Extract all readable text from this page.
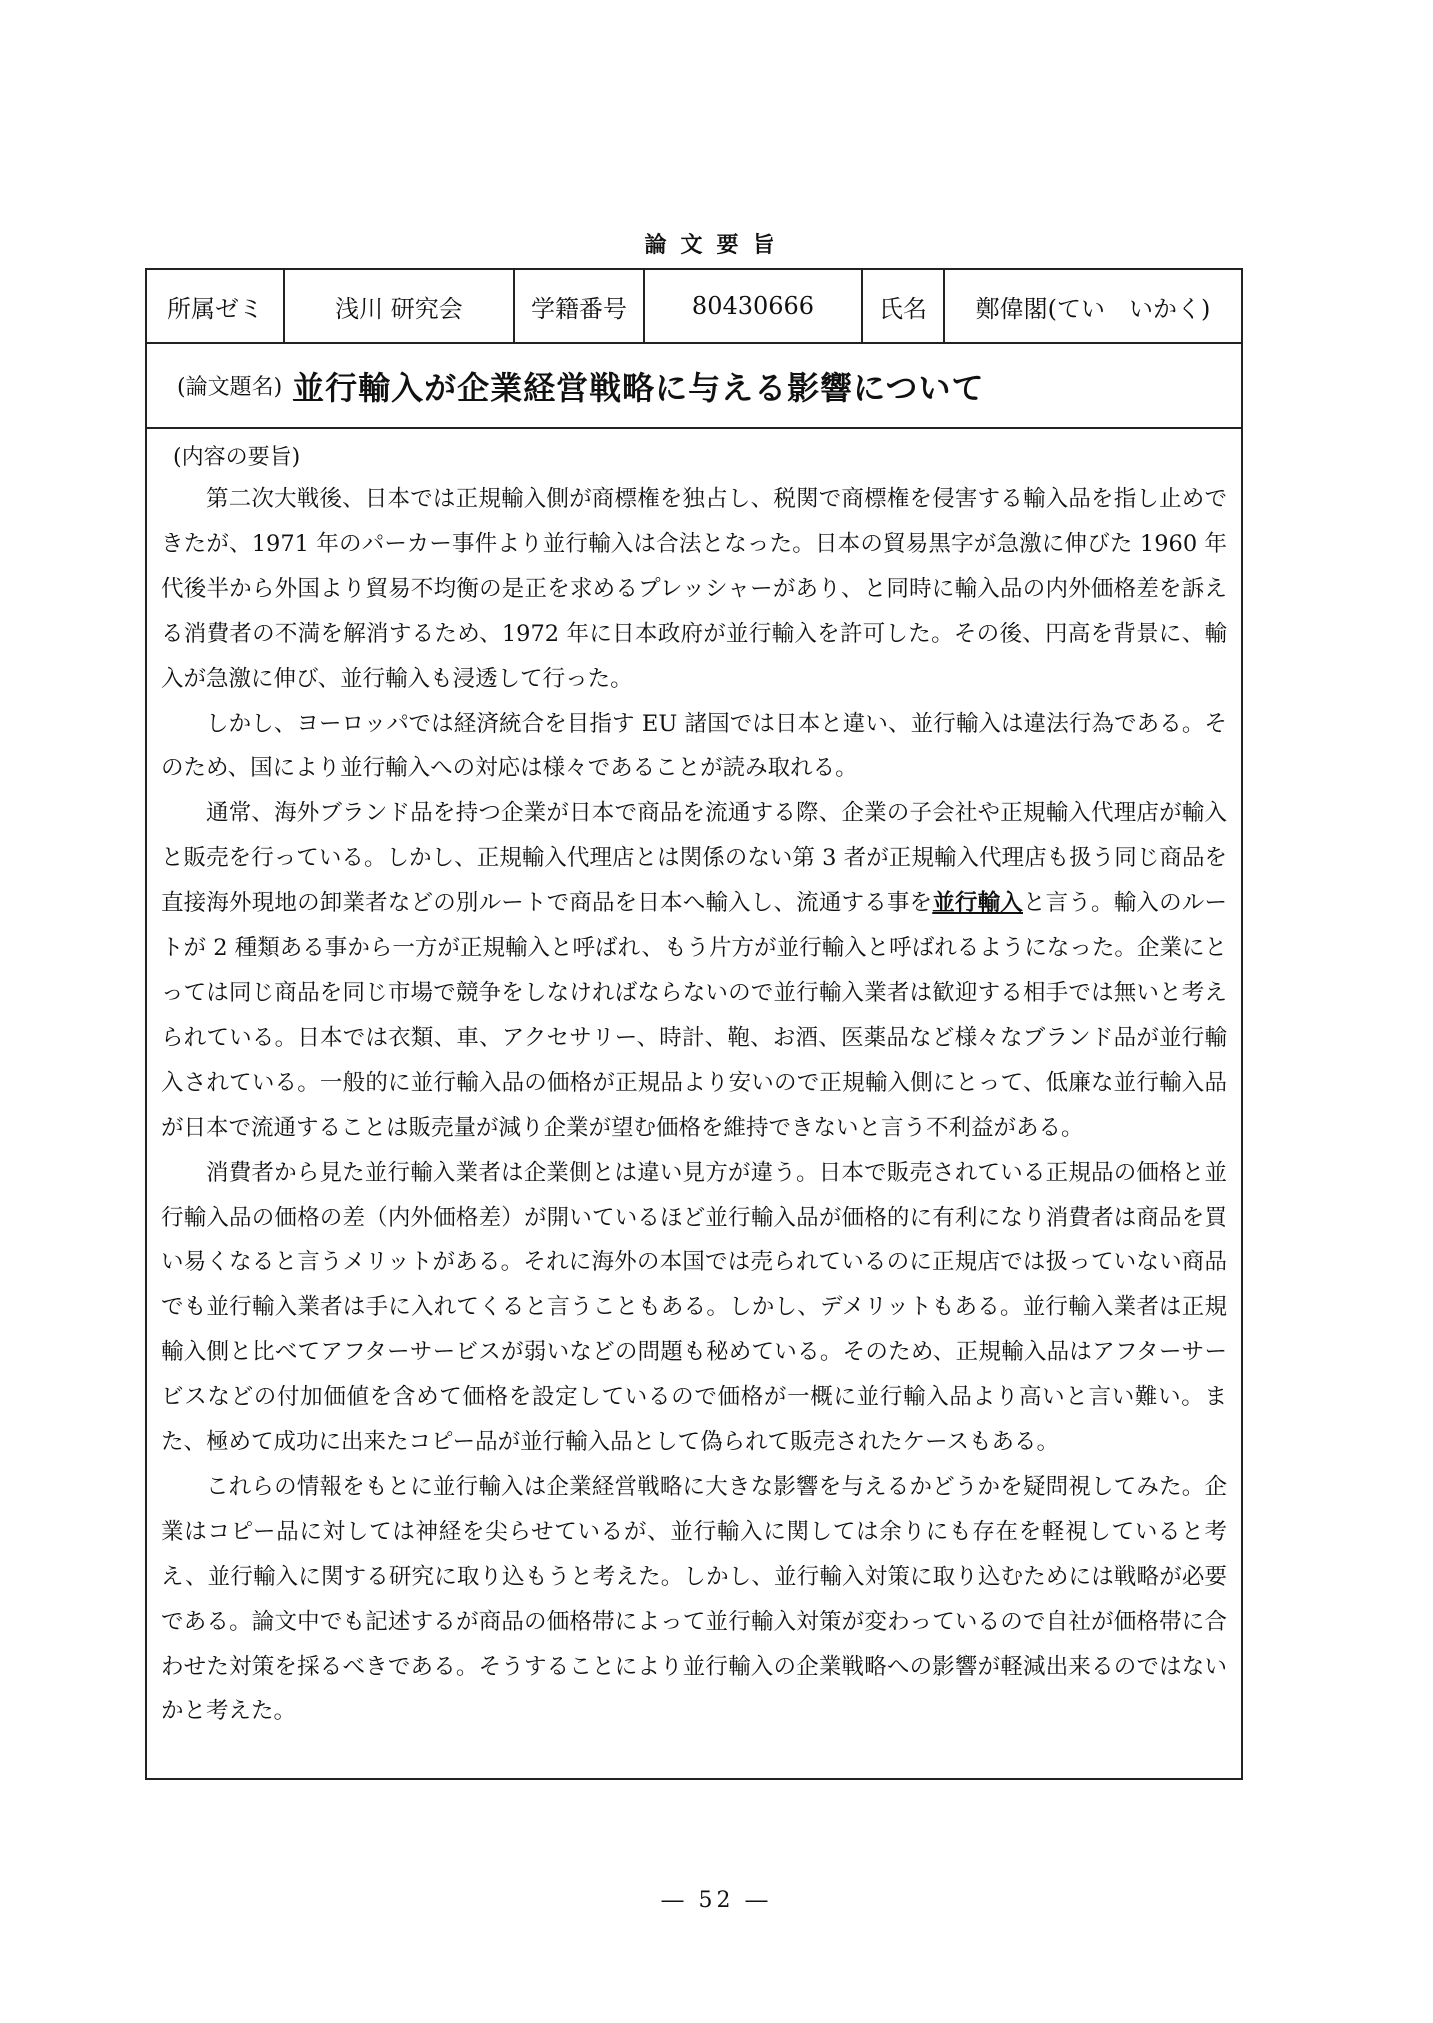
論文要旨
所属ゼミ	浅川 研究会	学籍番号	80430666	氏名	鄭偉閣(てい　いかく)
(論文題名) 並行輸入が企業経営戦略に与える影響について
(内容の要旨)

第二次大戦後、日本では正規輸入側が商標権を独占し、税関で商標権を侵害する輸入品を指し止めできたが、1971 年のパーカー事件より並行輸入は合法となった。日本の貿易黒字が急激に伸びた 1960 年代後半から外国より貿易不均衡の是正を求めるプレッシャーがあり、と同時に輸入品の内外価格差を訴える消費者の不満を解消するため、1972 年に日本政府が並行輸入を許可した。その後、円高を背景に、輸入が急激に伸び、並行輸入も浸透して行った。

しかし、ヨーロッパでは経済統合を目指す EU 諸国では日本と違い、並行輸入は違法行為である。そのため、国により並行輸入への対応は様々であることが読み取れる。

通常、海外ブランド品を持つ企業が日本で商品を流通する際、企業の子会社や正規輸入代理店が輸入と販売を行っている。しかし、正規輸入代理店とは関係のない第 3 者が正規輸入代理店も扱う同じ商品を直接海外現地の卸業者などの別ルートで商品を日本へ輸入し、流通する事を並行輸入と言う。輸入のルートが 2 種類ある事から一方が正規輸入と呼ばれ、もう片方が並行輸入と呼ばれるようになった。企業にとっては同じ商品を同じ市場で競争をしなければならないので並行輸入業者は歓迎する相手では無いと考えられている。日本では衣類、車、アクセサリー、時計、鞄、お酒、医薬品など様々なブランド品が並行輸入されている。一般的に並行輸入品の価格が正規品より安いので正規輸入側にとって、低廉な並行輸入品が日本で流通することは販売量が減り企業が望む価格を維持できないと言う不利益がある。

消費者から見た並行輸入業者は企業側とは違い見方が違う。日本で販売されている正規品の価格と並行輸入品の価格の差（内外価格差）が開いているほど並行輸入品が価格的に有利になり消費者は商品を買い易くなると言うメリットがある。それに海外の本国では売られているのに正規店では扱っていない商品でも並行輸入業者は手に入れてくると言うこともある。しかし、デメリットもある。並行輸入業者は正規輸入側と比べてアフターサービスが弱いなどの問題も秘めている。そのため、正規輸入品はアフターサービスなどの付加価値を含めて価格を設定しているので価格が一概に並行輸入品より高いと言い難い。また、極めて成功に出来たコピー品が並行輸入品として偽られて販売されたケースもある。

これらの情報をもとに並行輸入は企業経営戦略に大きな影響を与えるかどうかを疑問視してみた。企業はコピー品に対しては神経を尖らせているが、並行輸入に関しては余りにも存在を軽視していると考え、並行輸入に関する研究に取り込もうと考えた。しかし、並行輸入対策に取り込むためには戦略が必要である。論文中でも記述するが商品の価格帯によって並行輸入対策が変わっているので自社が価格帯に合わせた対策を採るべきである。そうすることにより並行輸入の企業戦略への影響が軽減出来るのではないかと考えた。

― 52 ―
